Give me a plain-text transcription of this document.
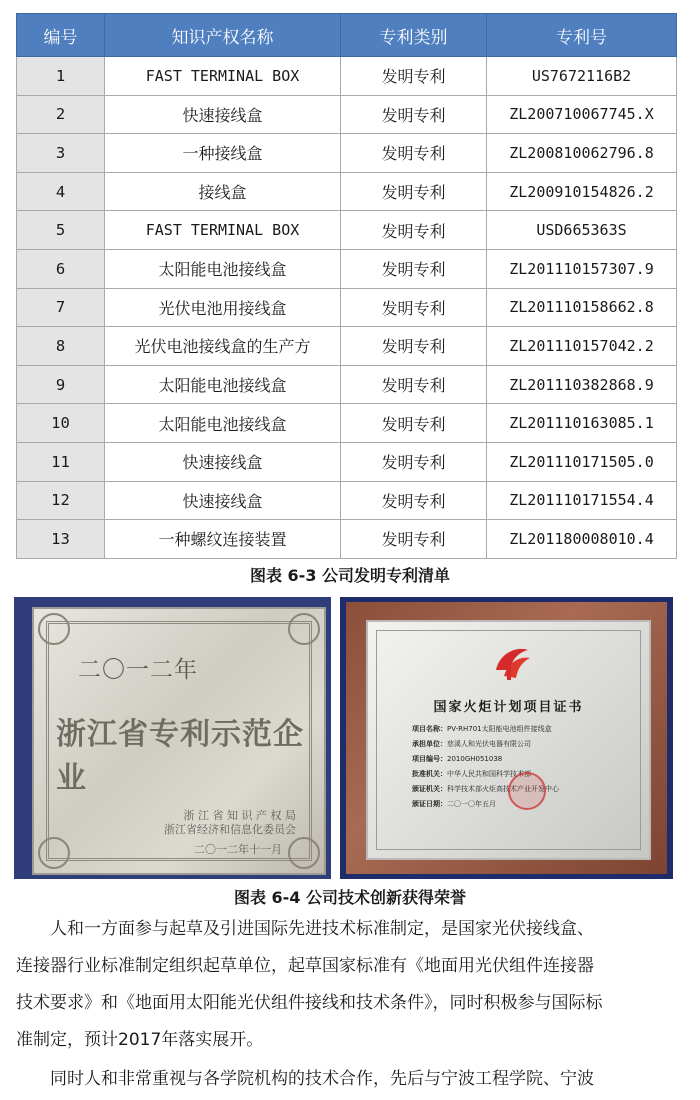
编号	知识产权名称	专利类别	专利号
1	FAST TERMINAL BOX	发明专利	US7672116B2
2	快速接线盒	发明专利	ZL200710067745.X
3	一种接线盒	发明专利	ZL200810062796.8
4	接线盒	发明专利	ZL200910154826.2
5	FAST TERMINAL BOX	发明专利	USD665363S
6	太阳能电池接线盒	发明专利	ZL201110157307.9
7	光伏电池用接线盒	发明专利	ZL201110158662.8
8	光伏电池接线盒的生产方	发明专利	ZL201110157042.2
9	太阳能电池接线盒	发明专利	ZL201110382868.9
10	太阳能电池接线盒	发明专利	ZL201110163085.1
11	快速接线盒	发明专利	ZL201110171505.0
12	快速接线盒	发明专利	ZL201110171554.4
13	一种螺纹连接装置	发明专利	ZL201180008010.4
图表 6-3 公司发明专利清单
二〇一二年
浙江省专利示范企业
浙 江 省 知 识 产 权 局
浙江省经济和信息化委员会
二〇一二年十一月
国家火炬计划项目证书
项目名称：PV-RH701太阳能电池组件接线盒
承担单位：慈溪人和光伏电器有限公司
项目编号：2010GH051038
批准机关：中华人民共和国科学技术部
颁证机关：科学技术部火炬高技术产业开发中心
颁证日期：二〇一〇年五月
图表 6-4 公司技术创新获得荣誉
人和一方面参与起草及引进国际先进技术标准制定，是国家光伏接线盒、
连接器行业标准制定组织起草单位，起草国家标准有《地面用光伏组件连接器
技术要求》和《地面用太阳能光伏组件接线和技术条件》，同时积极参与国际标
准制定，预计2017年落实展开。
同时人和非常重视与各学院机构的技术合作，先后与宁波工程学院、宁波
